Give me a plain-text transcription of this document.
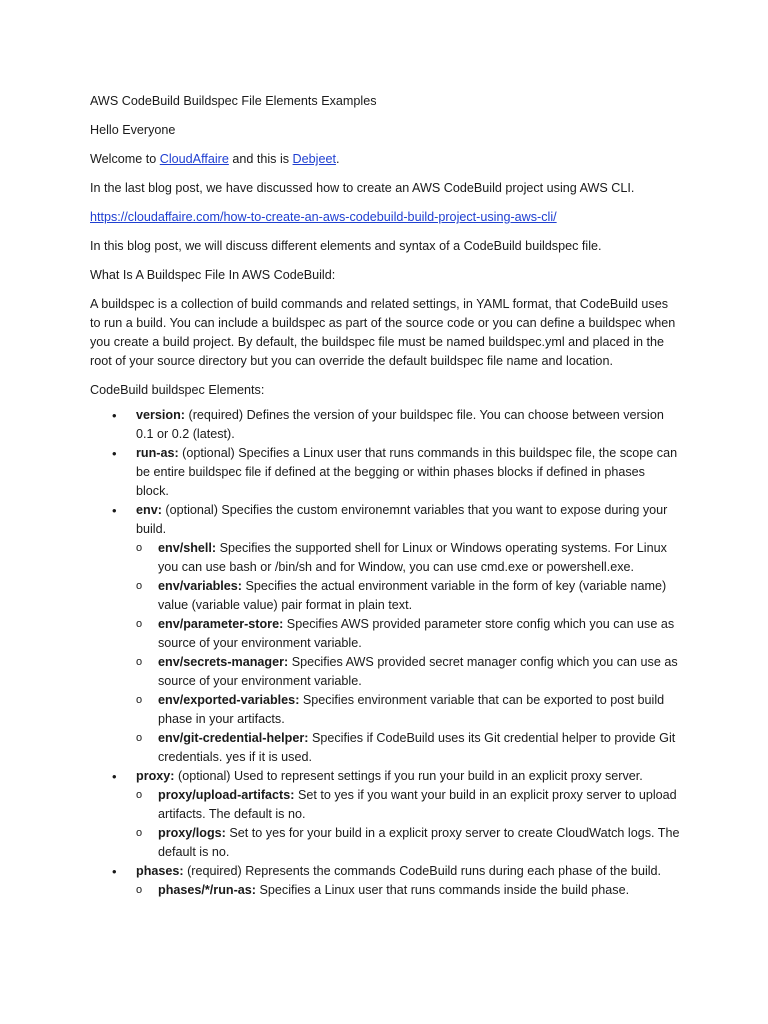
AWS CodeBuild Buildspec File Elements Examples

Hello Everyone

Welcome to CloudAffaire and this is Debjeet.

In the last blog post, we have discussed how to create an AWS CodeBuild project using AWS CLI.

https://cloudaffaire.com/how-to-create-an-aws-codebuild-build-project-using-aws-cli/

In this blog post, we will discuss different elements and syntax of a CodeBuild buildspec file.

What Is A Buildspec File In AWS CodeBuild:

A buildspec is a collection of build commands and related settings, in YAML format, that CodeBuild uses to run a build. You can include a buildspec as part of the source code or you can define a buildspec when you create a build project. By default, the buildspec file must be named buildspec.yml and placed in the root of your source directory but you can override the default buildspec file name and location.

CodeBuild buildspec Elements:

• version: (required) Defines the version of your buildspec file. You can choose between version 0.1 or 0.2 (latest).
• run-as: (optional) Specifies a Linux user that runs commands in this buildspec file, the scope can be entire buildspec file if defined at the begging or within phases blocks if defined in phases block.
• env: (optional) Specifies the custom environemnt variables that you want to expose during your build.
o env/shell: Specifies the supported shell for Linux or Windows operating systems. For Linux you can use bash or /bin/sh and for Window, you can use cmd.exe or powershell.exe.
o env/variables: Specifies the actual environment variable in the form of key (variable name) value (variable value) pair format in plain text.
o env/parameter-store: Specifies AWS provided parameter store config which you can use as source of your environment variable.
o env/secrets-manager: Specifies AWS provided secret manager config which you can use as source of your environment variable.
o env/exported-variables: Specifies environment variable that can be exported to post build phase in your artifacts.
o env/git-credential-helper: Specifies if CodeBuild uses its Git credential helper to provide Git credentials. yes if it is used.
• proxy: (optional) Used to represent settings if you run your build in an explicit proxy server.
o proxy/upload-artifacts: Set to yes if you want your build in an explicit proxy server to upload artifacts. The default is no.
o proxy/logs: Set to yes for your build in a explicit proxy server to create CloudWatch logs. The default is no.
• phases: (required) Represents the commands CodeBuild runs during each phase of the build.
o phases/*/run-as: Specifies a Linux user that runs commands inside the build phase.
